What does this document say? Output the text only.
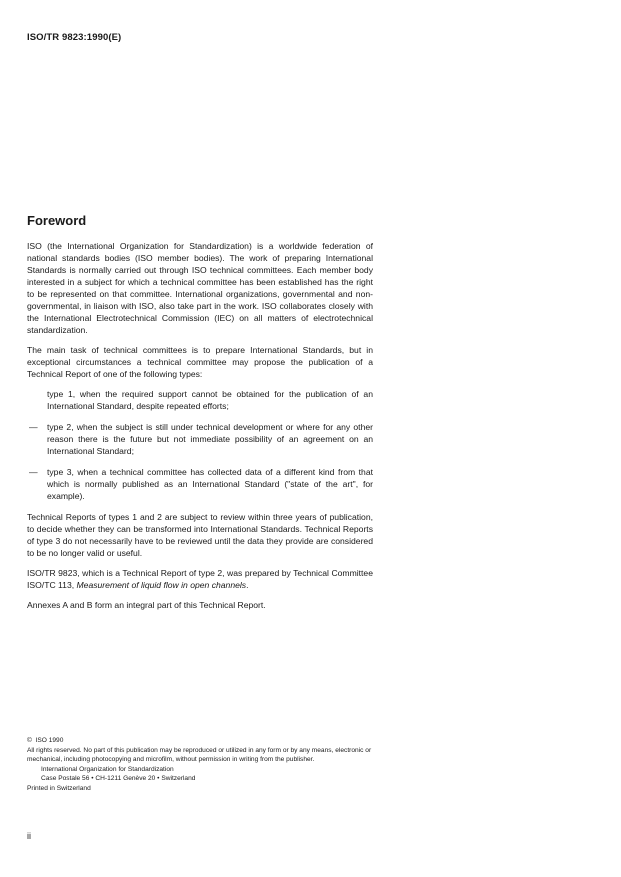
ISO/TR 9823:1990(E)
Foreword

ISO (the International Organization for Standardization) is a worldwide federation of national standards bodies (ISO member bodies). The work of preparing International Standards is normally carried out through ISO technical committees. Each member body interested in a subject for which a technical committee has been established has the right to be represented on that committee. International organizations, governmental and non-governmental, in liaison with ISO, also take part in the work. ISO collaborates closely with the International Electrotechnical Commission (IEC) on all matters of electrotechnical standardization.

The main task of technical committees is to prepare International Standards, but in exceptional circumstances a technical committee may propose the publication of a Technical Report of one of the following types:

type 1, when the required support cannot be obtained for the publication of an International Standard, despite repeated efforts;
— type 2, when the subject is still under technical development or where for any other reason there is the future but not immediate possibility of an agreement on an International Standard;
— type 3, when a technical committee has collected data of a different kind from that which is normally published as an International Standard ("state of the art", for example).

Technical Reports of types 1 and 2 are subject to review within three years of publication, to decide whether they can be transformed into International Standards. Technical Reports of type 3 do not necessarily have to be reviewed until the data they provide are considered to be no longer valid or useful.

ISO/TR 9823, which is a Technical Report of type 2, was prepared by Technical Committee ISO/TC 113, Measurement of liquid flow in open channels.

Annexes A and B form an integral part of this Technical Report.

© ISO 1990
All rights reserved. No part of this publication may be reproduced or utilized in any form or by any means, electronic or mechanical, including photocopying and microfilm, without permission in writing from the publisher.
International Organization for Standardization
Case Postale 56 • CH-1211 Genève 20 • Switzerland
Printed in Switzerland
ii
